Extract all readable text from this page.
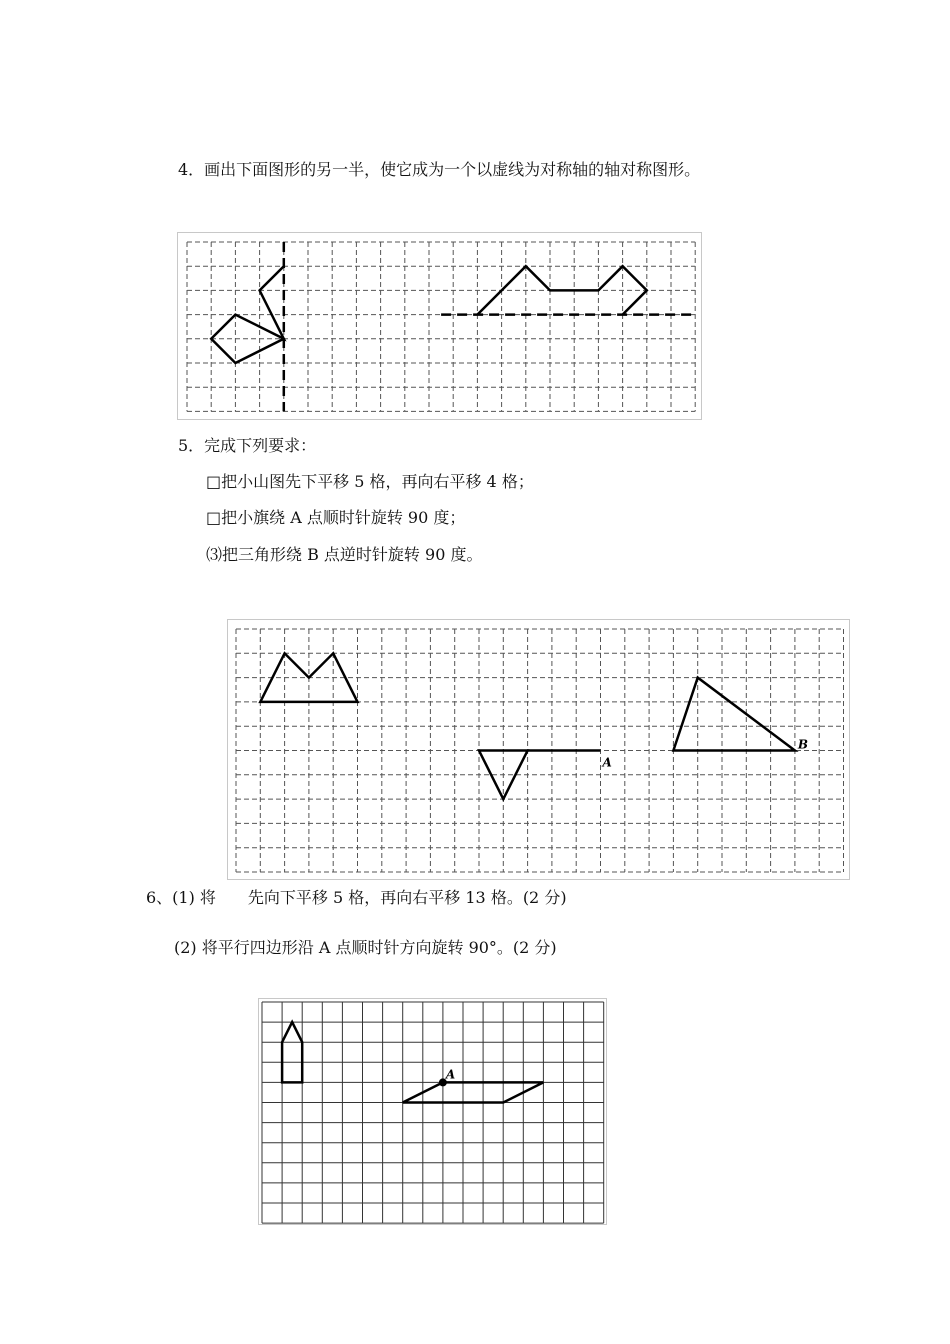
4．画出下面图形的另一半，使它成为一个以虚线为对称轴的轴对称图形。
5．完成下列要求：
□把小山图先下平移 5 格，再向右平移 4 格；
□把小旗绕 A 点顺时针旋转 90 度；
⑶把三角形绕 B 点逆时针旋转 90 度。
A
B
6、(1) 将　　先向下平移 5 格，再向右平移 13 格。(2 分)
(2) 将平行四边形沿 A 点顺时针方向旋转 90°。(2 分)
A
